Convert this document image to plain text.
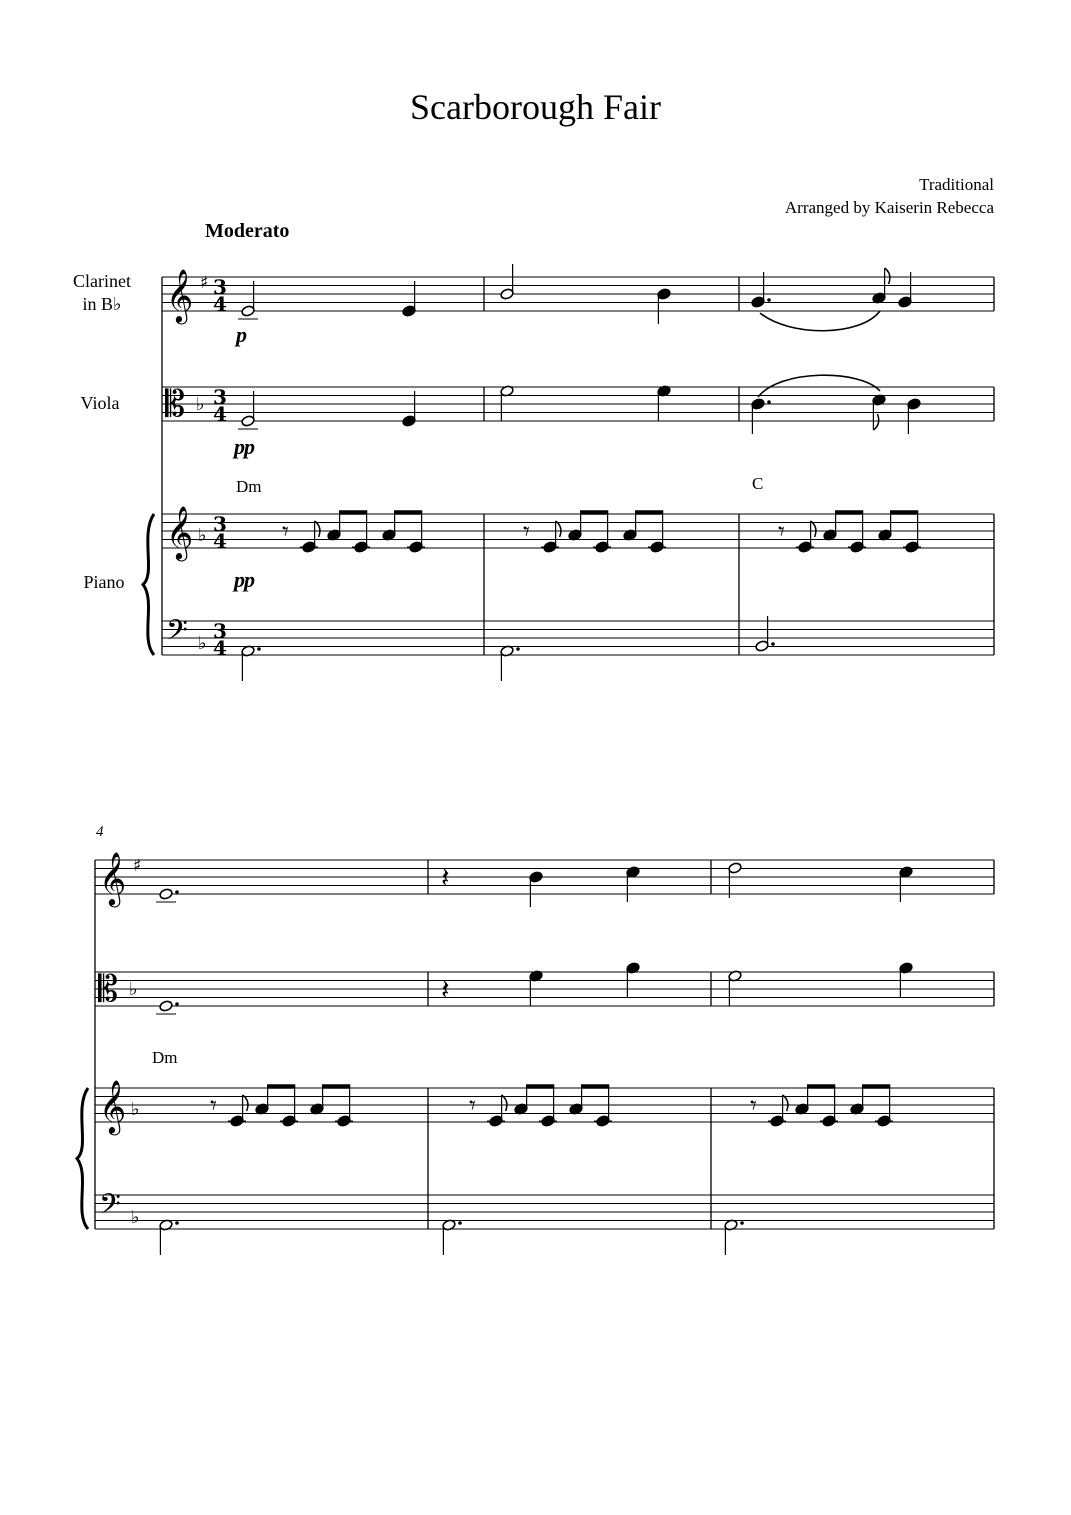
Scarborough Fair
Traditional
Arranged by Kaiserin Rebecca
Moderato
Clarinet
in B♭
Viola
Piano
p
pp
pp
Dm	C
Dm
4
𝄞 ♯ 3
4
𝄡 ♭ 3
4
𝄞 ♭ 3
4
𝄢 ♭
3
4
𝄾	𝄾	𝄾
𝄞 ♯
𝄡 ♭
𝄞 ♭
𝄢 ♭
𝄽
𝄽
𝄾	𝄾	𝄾
